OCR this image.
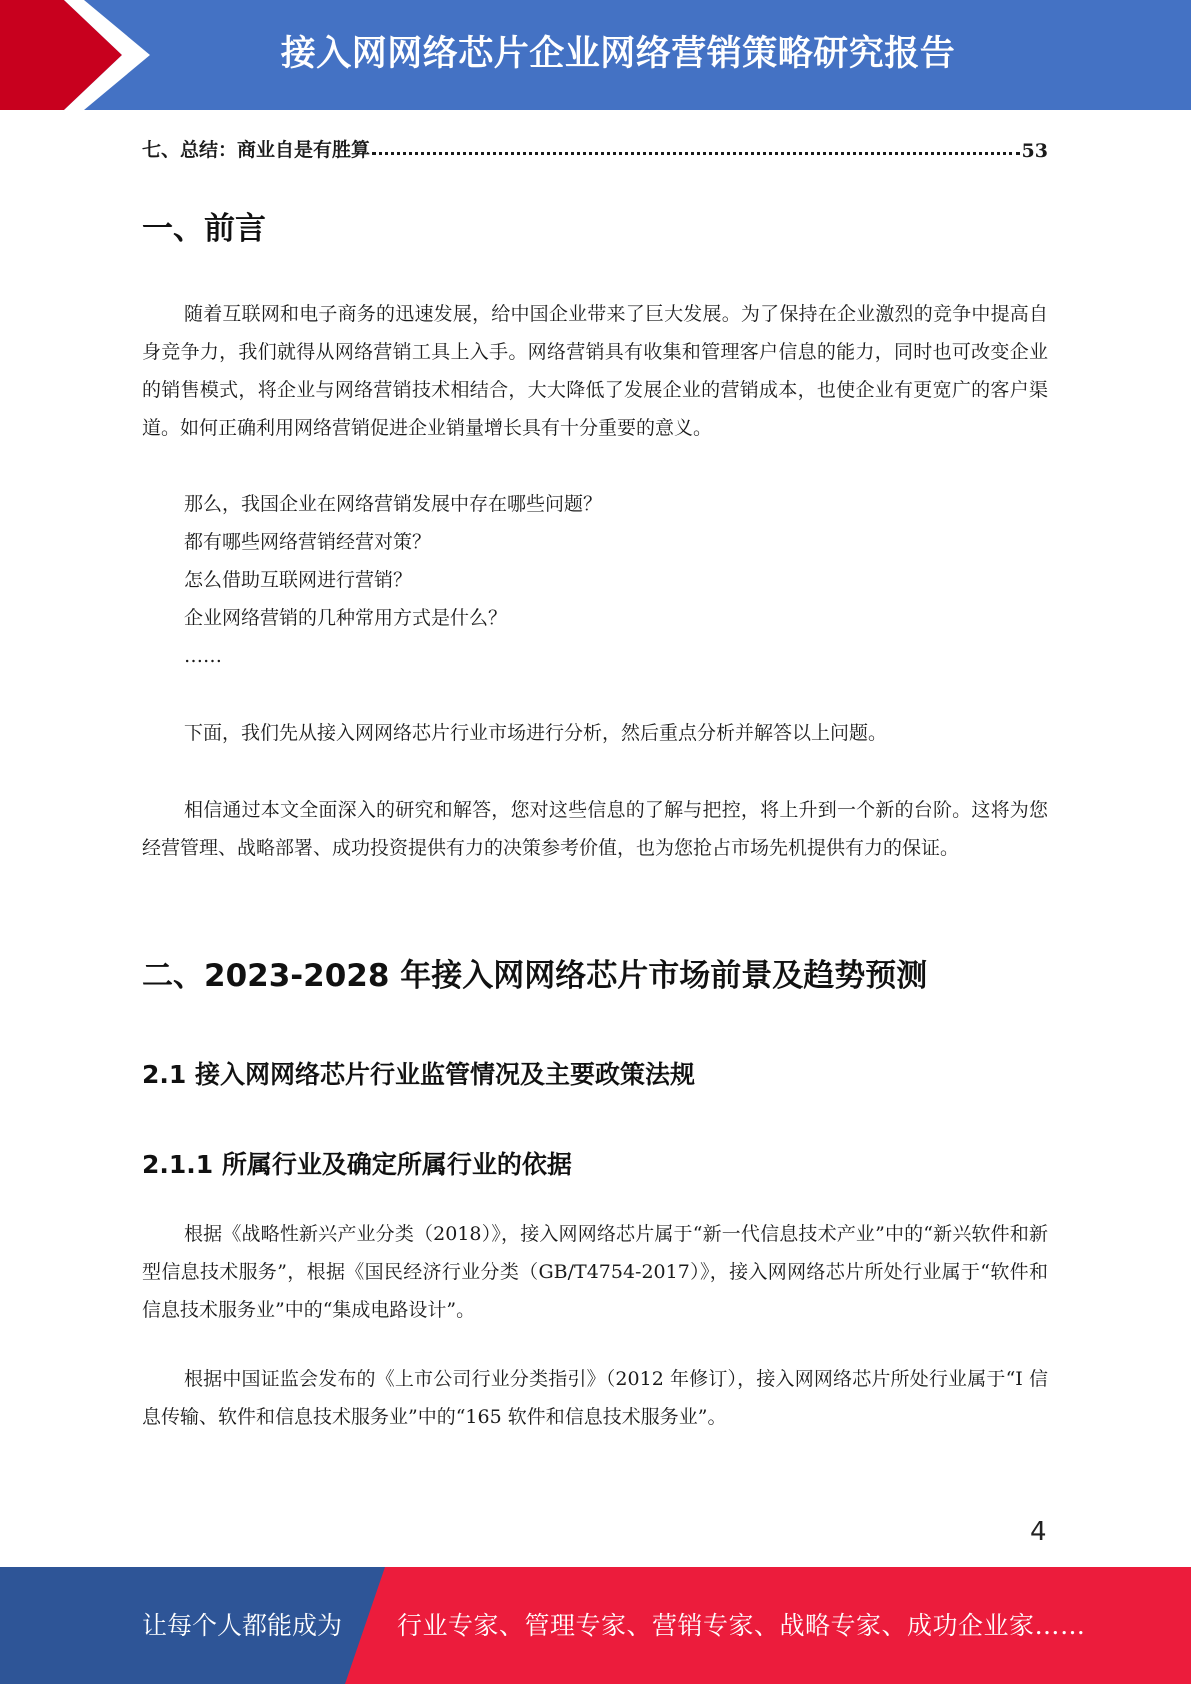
接入网网络芯片企业网络营销策略研究报告
七、总结：商业自是有胜算	53
一、前言

随着互联网和电子商务的迅速发展，给中国企业带来了巨大发展。为了保持在企业激烈的竞争中提高自身竞争力，我们就得从网络营销工具上入手。网络营销具有收集和管理客户信息的能力，同时也可改变企业的销售模式，将企业与网络营销技术相结合，大大降低了发展企业的营销成本，也使企业有更宽广的客户渠道。如何正确利用网络营销促进企业销量增长具有十分重要的意义。

那么，我国企业在网络营销发展中存在哪些问题？
都有哪些网络营销经营对策？
怎么借助互联网进行营销？
企业网络营销的几种常用方式是什么？
……

下面，我们先从接入网网络芯片行业市场进行分析，然后重点分析并解答以上问题。

相信通过本文全面深入的研究和解答，您对这些信息的了解与把控，将上升到一个新的台阶。这将为您经营管理、战略部署、成功投资提供有力的决策参考价值，也为您抢占市场先机提供有力的保证。

二、2023-2028 年接入网网络芯片市场前景及趋势预测
2.1 接入网网络芯片行业监管情况及主要政策法规
2.1.1 所属行业及确定所属行业的依据

根据《战略性新兴产业分类（2018）》，接入网网络芯片属于“新一代信息技术产业”中的“新兴软件和新型信息技术服务”，根据《国民经济行业分类（GB/T4754-2017）》，接入网网络芯片所处行业属于“软件和信息技术服务业”中的“集成电路设计”。

根据中国证监会发布的《上市公司行业分类指引》（2012 年修订），接入网网络芯片所处行业属于“I 信息传输、软件和信息技术服务业”中的“165 软件和信息技术服务业”。

4
让每个人都能成为 行业专家、管理专家、营销专家、战略专家、成功企业家……
